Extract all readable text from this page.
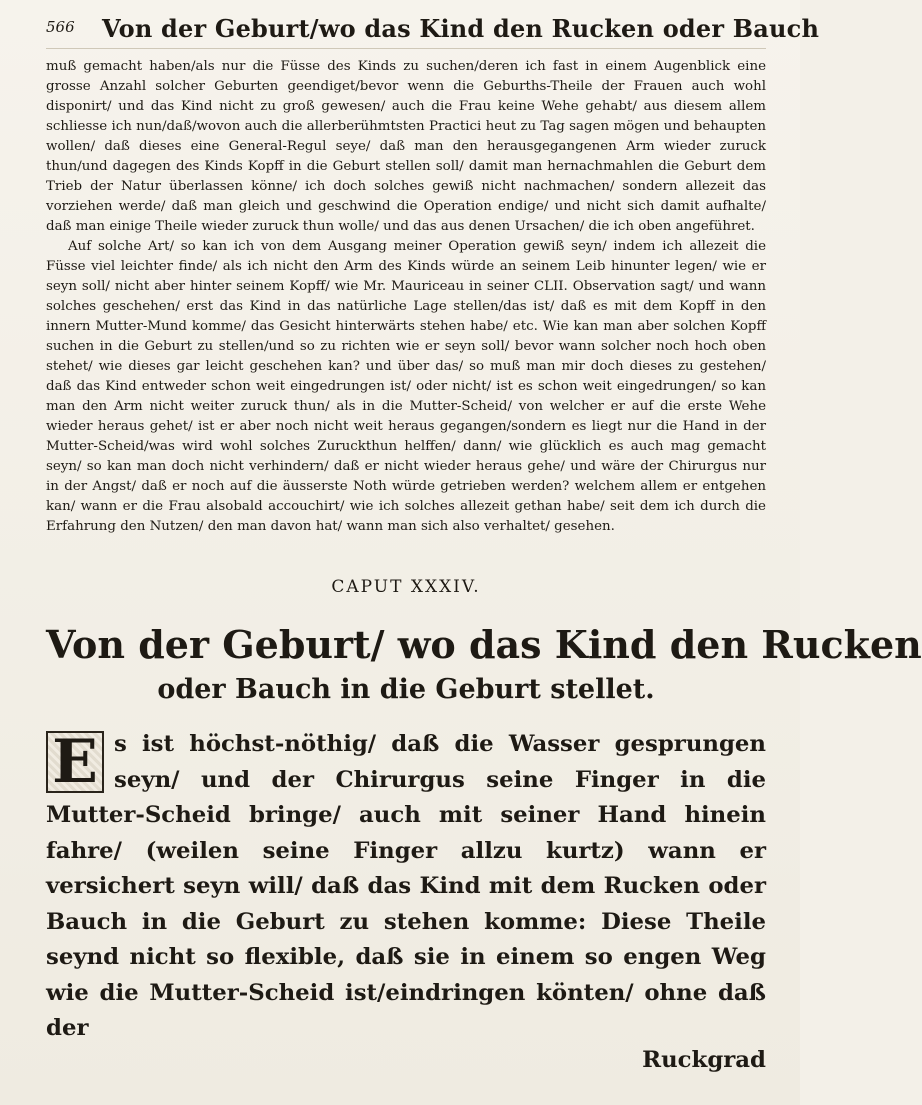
566 Von der Geburt/wo das Kind den Rucken oder Bauch

muß gemacht haben/als nur die Füsse des Kinds zu suchen/deren ich fast in einem Augenblick eine grosse Anzahl solcher Geburten geendiget/bevor wenn die Geburths-Theile der Frauen auch wohl disponirt/ und das Kind nicht zu groß gewesen/ auch die Frau keine Wehe gehabt/ aus diesem allem schliesse ich nun/daß/wovon auch die allerberühmtsten Practici heut zu Tag sagen mögen und behaupten wollen/ daß dieses eine General-Regul seye/ daß man den herausgegangenen Arm wieder zuruck thun/und dagegen des Kinds Kopff in die Geburt stellen soll/ damit man hernachmahlen die Geburt dem Trieb der Natur überlassen könne/ ich doch solches gewiß nicht nachmachen/ sondern allezeit das vorziehen werde/ daß man gleich und geschwind die Operation endige/ und nicht sich damit aufhalte/ daß man einige Theile wieder zuruck thun wolle/ und das aus denen Ursachen/ die ich oben angeführet.

Auf solche Art/ so kan ich von dem Ausgang meiner Operation gewiß seyn/ indem ich allezeit die Füsse viel leichter finde/ als ich nicht den Arm des Kinds würde an seinem Leib hinunter legen/ wie er seyn soll/ nicht aber hinter seinem Kopff/ wie Mr. Mauriceau in seiner CLII. Observation sagt/ und wann solches geschehen/ erst das Kind in das natürliche Lage stellen/das ist/ daß es mit dem Kopff in den innern Mutter-Mund komme/ das Gesicht hinterwärts stehen habe/ etc. Wie kan man aber solchen Kopff suchen in die Geburt zu stellen/und so zu richten wie er seyn soll/ bevor wann solcher noch hoch oben stehet/ wie dieses gar leicht geschehen kan? und über das/ so muß man mir doch dieses zu gestehen/ daß das Kind entweder schon weit eingedrungen ist/ oder nicht/ ist es schon weit eingedrungen/ so kan man den Arm nicht weiter zuruck thun/ als in die Mutter-Scheid/ von welcher er auf die erste Wehe wieder heraus gehet/ ist er aber noch nicht weit heraus gegangen/sondern es liegt nur die Hand in der Mutter-Scheid/was wird wohl solches Zuruckthun helffen/ dann/ wie glücklich es auch mag gemacht seyn/ so kan man doch nicht verhindern/ daß er nicht wieder heraus gehe/ und wäre der Chirurgus nur in der Angst/ daß er noch auf die äusserste Noth würde getrieben werden? welchem allem er entgehen kan/ wann er die Frau alsobald accouchirt/ wie ich solches allezeit gethan habe/ seit dem ich durch die Erfahrung den Nutzen/ den man davon hat/ wann man sich also verhaltet/ gesehen.

CAPUT XXXIV.
Von der Geburt/ wo das Kind den Rucken
oder Bauch in die Geburt stellet.
E s ist höchst-nöthig/ daß die Wasser gesprungen seyn/ und der Chirurgus seine Finger in die Mutter-Scheid bringe/ auch mit seiner Hand hinein fahre/ (weilen seine Finger allzu kurtz) wann er versichert seyn will/ daß das Kind mit dem Rucken oder Bauch in die Geburt zu stehen komme: Diese Theile seynd nicht so flexible, daß sie in einem so engen Weg wie die Mutter-Scheid ist/eindringen könten/ ohne daß der
Ruckgrad
